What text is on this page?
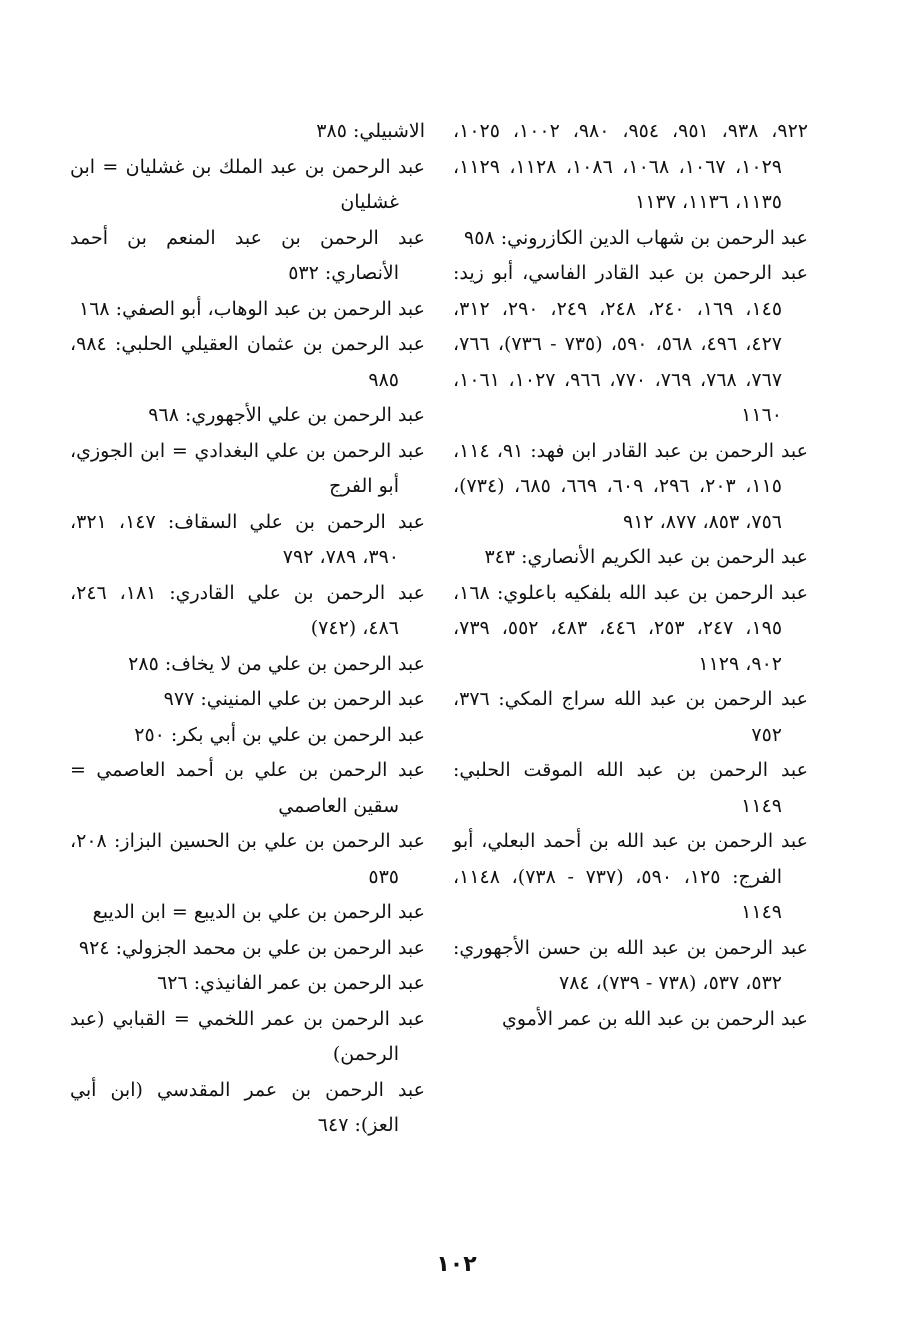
٩٢٢، ٩٣٨، ٩٥١، ٩٥٤، ٩٨٠، ١٠٠٢، ١٠٢٥، ١٠٢٩، ١٠٦٧، ١٠٦٨، ١٠٨٦، ١١٢٨، ١١٢٩، ١١٣٥، ١١٣٦، ١١٣٧
عبد الرحمن بن شهاب الدين الكازروني: ٩٥٨
عبد الرحمن بن عبد القادر الفاسي، أبو زيد: ١٤٥، ١٦٩، ٢٤٠، ٢٤٨، ٢٤٩، ٢٩٠، ٣١٢، ٤٢٧، ٤٩٦، ٥٦٨، ٥٩٠، (٧٣٥ - ٧٣٦)، ٧٦٦، ٧٦٧، ٧٦٨، ٧٦٩، ٧٧٠، ٩٦٦، ١٠٢٧، ١٠٦١، ١١٦٠
عبد الرحمن بن عبد القادر ابن فهد: ٩١، ١١٤، ١١٥، ٢٠٣، ٢٩٦، ٦٠٩، ٦٦٩، ٦٨٥، (٧٣٤)، ٧٥٦، ٨٥٣، ٨٧٧، ٩١٢
عبد الرحمن بن عبد الكريم الأنصاري: ٣٤٣
عبد الرحمن بن عبد الله بلفكيه باعلوي: ١٦٨، ١٩٥، ٢٤٧، ٢٥٣، ٤٤٦، ٤٨٣، ٥٥٢، ٧٣٩، ٩٠٢، ١١٢٩
عبد الرحمن بن عبد الله سراج المكي: ٣٧٦، ٧٥٢
عبد الرحمن بن عبد الله الموقت الحلبي: ١١٤٩
عبد الرحمن بن عبد الله بن أحمد البعلي، أبو الفرج: ١٢٥، ٥٩٠، (٧٣٧ - ٧٣٨)، ١١٤٨، ١١٤٩
عبد الرحمن بن عبد الله بن حسن الأجهوري: ٥٣٢، ٥٣٧، (٧٣٨ - ٧٣٩)، ٧٨٤
عبد الرحمن بن عبد الله بن عمر الأموي
الاشبيلي: ٣٨٥
عبد الرحمن بن عبد الملك بن غشليان = ابن غشليان
عبد الرحمن بن عبد المنعم بن أحمد الأنصاري: ٥٣٢
عبد الرحمن بن عبد الوهاب، أبو الصفي: ١٦٨
عبد الرحمن بن عثمان العقيلي الحلبي: ٩٨٤، ٩٨٥
عبد الرحمن بن علي الأجهوري: ٩٦٨
عبد الرحمن بن علي البغدادي = ابن الجوزي، أبو الفرج
عبد الرحمن بن علي السقاف: ١٤٧، ٣٢١، ٣٩٠، ٧٨٩، ٧٩٢
عبد الرحمن بن علي القادري: ١٨١، ٢٤٦، ٤٨٦، (٧٤٢)
عبد الرحمن بن علي من لا يخاف: ٢٨٥
عبد الرحمن بن علي المنيني: ٩٧٧
عبد الرحمن بن علي بن أبي بكر: ٢٥٠
عبد الرحمن بن علي بن أحمد العاصمي = سقين العاصمي
عبد الرحمن بن علي بن الحسين البزاز: ٢٠٨، ٥٣٥
عبد الرحمن بن علي بن الديبع = ابن الديبع
عبد الرحمن بن علي بن محمد الجزولي: ٩٢٤
عبد الرحمن بن عمر الفانيذي: ٦٢٦
عبد الرحمن بن عمر اللخمي = القبابي (عبد الرحمن)
عبد الرحمن بن عمر المقدسي (ابن أبي العز): ٦٤٧
١٠٢
